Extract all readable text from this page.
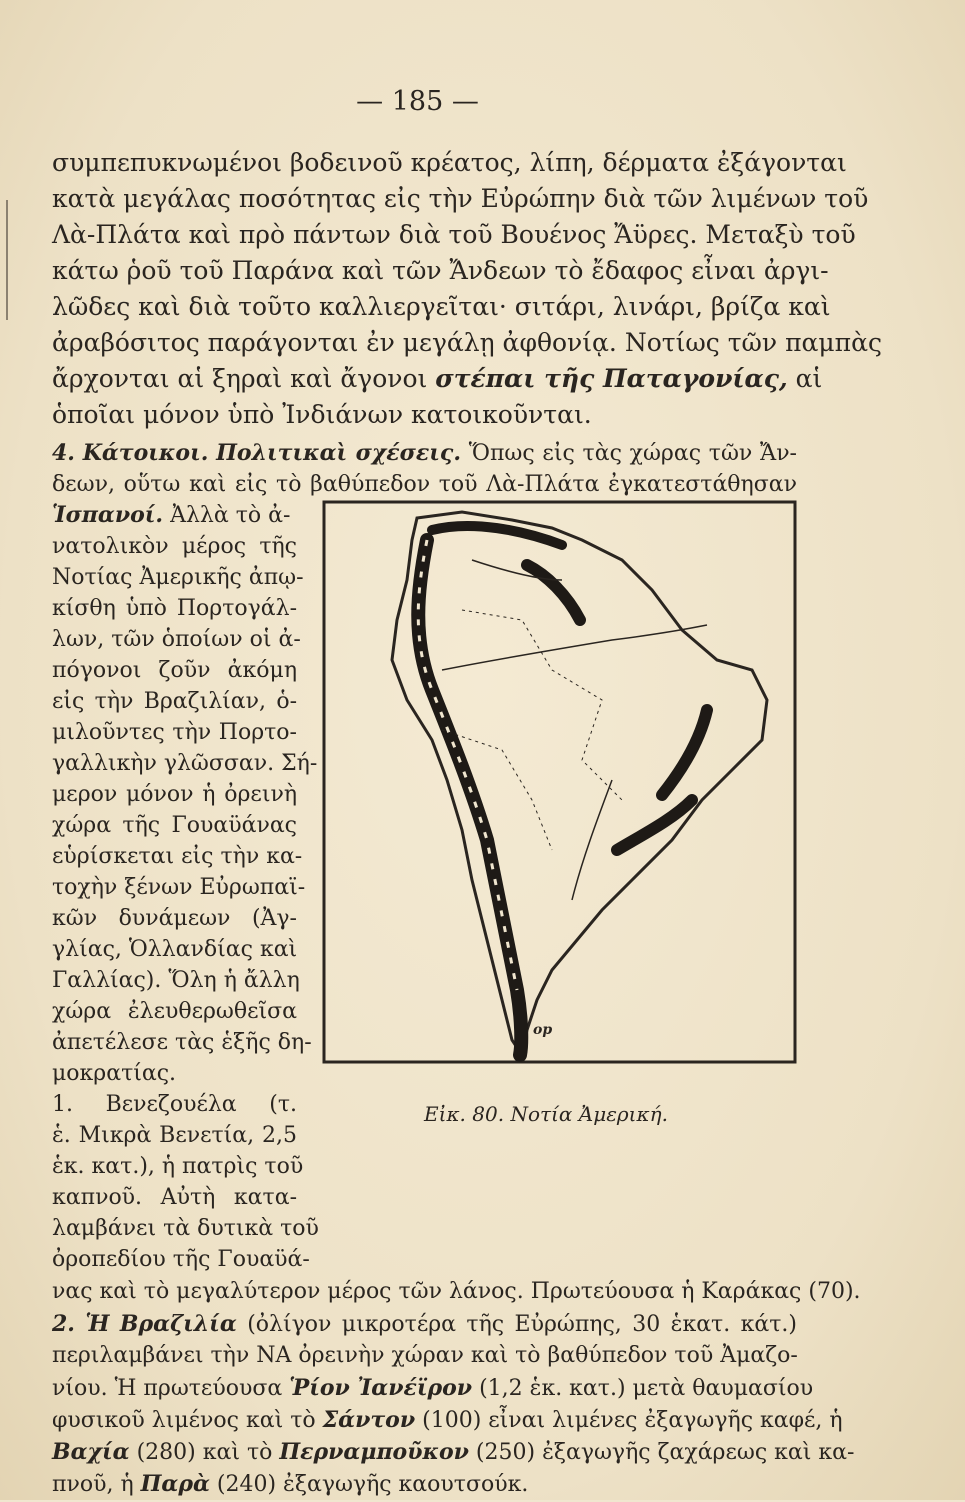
— 185 —
συμπεπυκνωμένοι βοδεινοῦ κρέατος, λίπη, δέρματα ἐξάγονται
κατὰ μεγάλας ποσότητας εἰς τὴν Εὐρώπην διὰ τῶν λιμένων τοῦ
Λὰ-Πλάτα καὶ πρὸ πάντων διὰ τοῦ Βουένος Ἄϋρες. Μεταξὺ τοῦ
κάτω ῥοῦ τοῦ Παράνα καὶ τῶν Ἄνδεων τὸ ἔδαφος εἶναι ἀργι-
λῶδες καὶ διὰ τοῦτο καλλιεργεῖται· σιτάρι, λινάρι, βρίζα καὶ
ἀραβόσιτος παράγονται ἐν μεγάλῃ ἀφθονίᾳ. Νοτίως τῶν παμπὰς
ἄρχονται αἱ ξηραὶ καὶ ἄγονοι στέπαι τῆς Παταγονίας, αἱ
ὁποῖαι μόνον ὑπὸ Ἰνδιάνων κατοικοῦνται.
4. Κάτοικοι. Πολιτικαὶ σχέσεις. Ὅπως εἰς τὰς χώρας τῶν Ἄν-
δεων, οὕτω καὶ εἰς τὸ βαθύπεδον τοῦ Λὰ-Πλάτα ἐγκατεστάθησαν
Ἱσπανοί. Ἀλλὰ τὸ ἀ-
νατολικὸν μέρος τῆς
Νοτίας Ἀμερικῆς ἀπῳ-
κίσθη ὑπὸ Πορτογάλ-
λων, τῶν ὁποίων οἱ ἀ-
πόγονοι ζοῦν ἀκόμη
εἰς τὴν Βραζιλίαν, ὁ-
μιλοῦντες τὴν Πορτο-
γαλλικὴν γλῶσσαν. Σή-
μερον μόνον ἡ ὀρεινὴ
χώρα τῆς Γουαϋάνας
εὑρίσκεται εἰς τὴν κα-
τοχὴν ξένων Εὐρωπαϊ-
κῶν δυνάμεων (Ἀγ-
γλίας, Ὁλλανδίας καὶ
Γαλλίας). Ὅλη ἡ ἄλλη
χώρα ἐλευθερωθεῖσα
ἀπετέλεσε τὰς ἑξῆς δη-
μοκρατίας.
1. Βενεζουέλα (τ.
ἑ. Μικρὰ Βενετία, 2,5
ἑκ. κατ.), ἡ πατρὶς τοῦ
καπνοῦ. Αὐτὴ κατα-
λαμβάνει τὰ δυτικὰ τοῦ
ὀροπεδίου τῆς Γουαϋά-
νας καὶ τὸ μεγαλύτερον μέρος τῶν λάνος. Πρωτεύουσα ἡ Καράκας (70).
2. Ἡ Βραζιλία (ὀλίγον μικροτέρα τῆς Εὐρώπης, 30 ἑκατ. κάτ.)
περιλαμβάνει τὴν ΝΑ ὀρεινὴν χώραν καὶ τὸ βαθύπεδον τοῦ Ἀμαζο-
νίου. Ἡ πρωτεύουσα Ῥίον Ἰανέϊρον (1,2 ἑκ. κατ.) μετὰ θαυμασίου
φυσικοῦ λιμένος καὶ τὸ Σάντον (100) εἶναι λιμένες ἐξαγωγῆς καφέ, ἡ
Βαχία (280) καὶ τὸ Περναμποῦκον (250) ἐξαγωγῆς ζαχάρεως καὶ κα-
πνοῦ, ἡ Παρὰ (240) ἐξαγωγῆς καουτσούκ.
op
Εἰκ. 80. Νοτία Ἀμερική.
